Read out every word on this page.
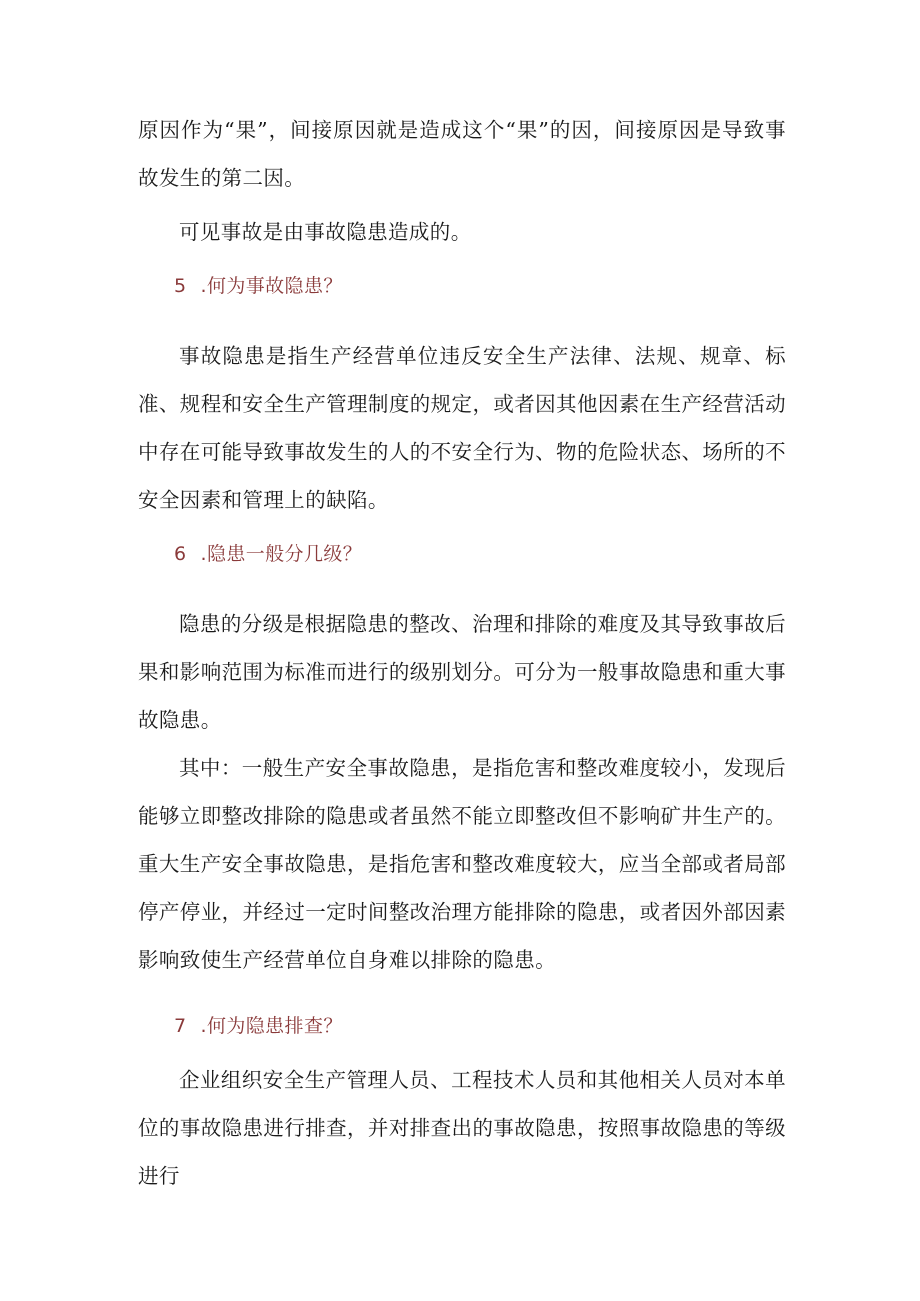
原因作为“果”，间接原因就是造成这个“果”的因，间接原因是导致事故发生的第二因。

可见事故是由事故隐患造成的。

5 .何为事故隐患？

事故隐患是指生产经营单位违反安全生产法律、法规、规章、标准、规程和安全生产管理制度的规定，或者因其他因素在生产经营活动中存在可能导致事故发生的人的不安全行为、物的危险状态、场所的不安全因素和管理上的缺陷。

6 .隐患一般分几级？

隐患的分级是根据隐患的整改、治理和排除的难度及其导致事故后果和影响范围为标准而进行的级别划分。可分为一般事故隐患和重大事故隐患。

其中：一般生产安全事故隐患，是指危害和整改难度较小，发现后能够立即整改排除的隐患或者虽然不能立即整改但不影响矿井生产的。重大生产安全事故隐患，是指危害和整改难度较大，应当全部或者局部停产停业，并经过一定时间整改治理方能排除的隐患，或者因外部因素影响致使生产经营单位自身难以排除的隐患。

7 .何为隐患排查？

企业组织安全生产管理人员、工程技术人员和其他相关人员对本单位的事故隐患进行排查，并对排查出的事故隐患，按照事故隐患的等级进行
